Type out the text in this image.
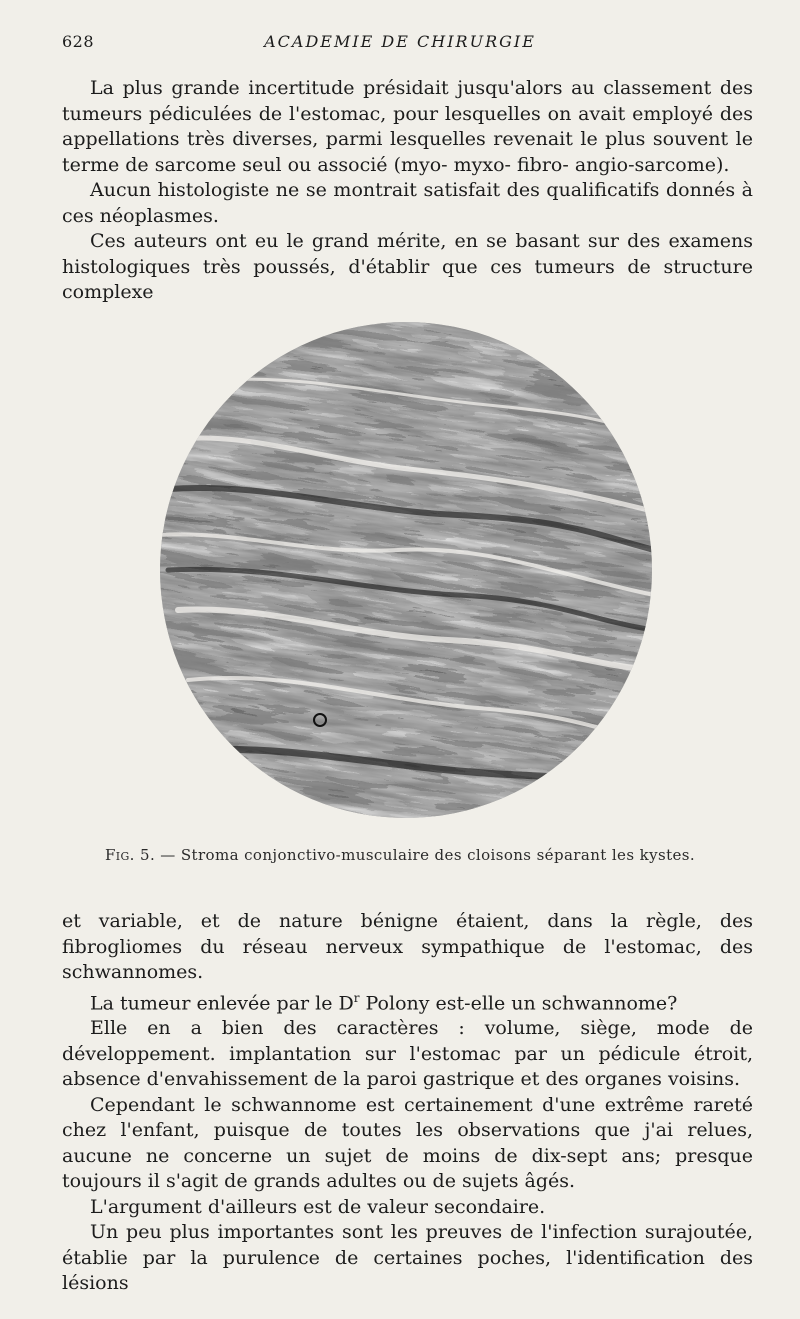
628	ACADEMIE DE CHIRURGIE

La plus grande incertitude présidait jusqu'alors au classement des tumeurs pédiculées de l'estomac, pour lesquelles on avait employé des appellations très diverses, parmi lesquelles revenait le plus souvent le terme de sarcome seul ou associé (myo- myxo- fibro- angio-sarcome).

Aucun histologiste ne se montrait satisfait des qualificatifs donnés à ces néoplasmes.

Ces auteurs ont eu le grand mérite, en se basant sur des examens histologiques très poussés, d'établir que ces tumeurs de structure complexe

Fig. 5. — Stroma conjonctivo-musculaire des cloisons séparant les kystes.

et variable, et de nature bénigne étaient, dans la règle, des fibrogliomes du réseau nerveux sympathique de l'estomac, des schwannomes.

La tumeur enlevée par le $D^r$ Polony est-elle un schwannome?

Elle en a bien des caractères : volume, siège, mode de développement. implantation sur l'estomac par un pédicule étroit, absence d'envahissement de la paroi gastrique et des organes voisins.

Cependant le schwannome est certainement d'une extrême rareté chez l'enfant, puisque de toutes les observations que j'ai relues, aucune ne concerne un sujet de moins de dix-sept ans; presque toujours il s'agit de grands adultes ou de sujets âgés.

L'argument d'ailleurs est de valeur secondaire.

Un peu plus importantes sont les preuves de l'infection surajoutée, établie par la purulence de certaines poches, l'identification des lésions
